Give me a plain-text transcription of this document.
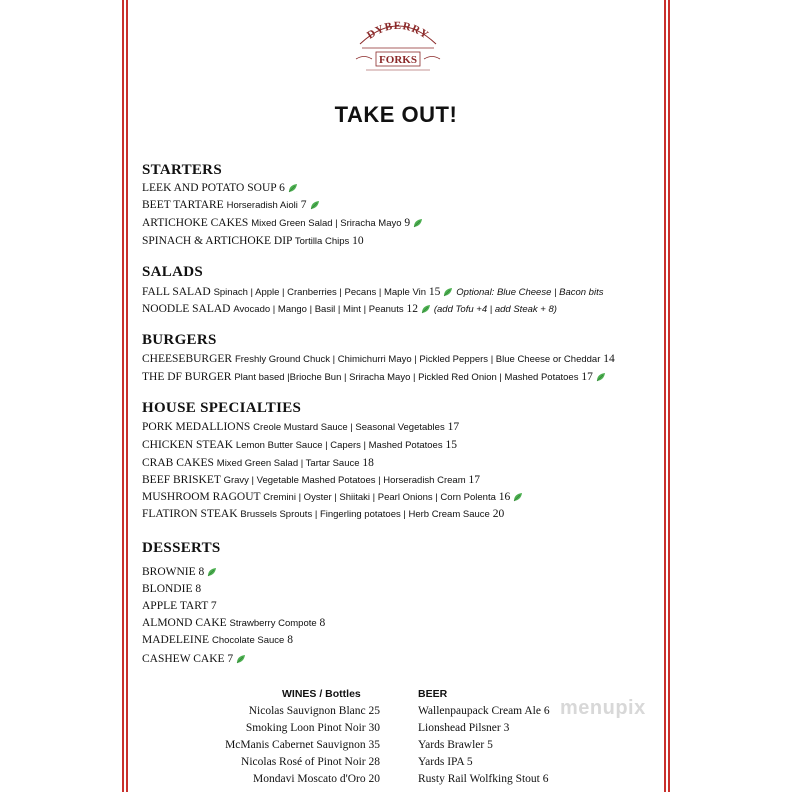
DYBERRY
FORKS
TAKE OUT!
STARTERS
LEEK AND POTATO SOUP 6
BEET TARTARE Horseradish Aioli 7
ARTICHOKE CAKES Mixed Green Salad | Sriracha Mayo 9
SPINACH & ARTICHOKE DIP Tortilla Chips 10
SALADS
FALL SALAD Spinach | Apple | Cranberries | Pecans | Maple Vin 15 Optional: Blue Cheese | Bacon bits
NOODLE SALAD Avocado | Mango | Basil | Mint | Peanuts 12 (add Tofu +4 | add Steak + 8)
BURGERS
CHEESEBURGER Freshly Ground Chuck | Chimichurri Mayo | Pickled Peppers | Blue Cheese or Cheddar 14
THE DF BURGER Plant based |Brioche Bun | Sriracha Mayo | Pickled Red Onion | Mashed Potatoes 17
HOUSE SPECIALTIES
PORK MEDALLIONS Creole Mustard Sauce | Seasonal Vegetables 17
CHICKEN STEAK Lemon Butter Sauce | Capers | Mashed Potatoes 15
CRAB CAKES Mixed Green Salad | Tartar Sauce 18
BEEF BRISKET Gravy | Vegetable Mashed Potatoes | Horseradish Cream 17
MUSHROOM RAGOUT Cremini | Oyster | Shiitaki | Pearl Onions | Corn Polenta 16
FLATIRON STEAK Brussels Sprouts | Fingerling potatoes | Herb Cream Sauce 20
DESSERTS
BROWNIE 8
BLONDIE 8
APPLE TART 7
ALMOND CAKE Strawberry Compote 8
MADELEINE Chocolate Sauce 8
CASHEW CAKE 7
WINES / Bottles	BEER
Nicolas Sauvignon Blanc 25
Smoking Loon Pinot Noir 30
McManis Cabernet Sauvignon 35
Nicolas Rosé of Pinot Noir 28
Mondavi Moscato d'Oro 20
Wallenpaupack Cream Ale 6
Lionshead Pilsner 3
Yards Brawler 5
Yards IPA 5
Rusty Rail Wolfking Stout 6
menupix
